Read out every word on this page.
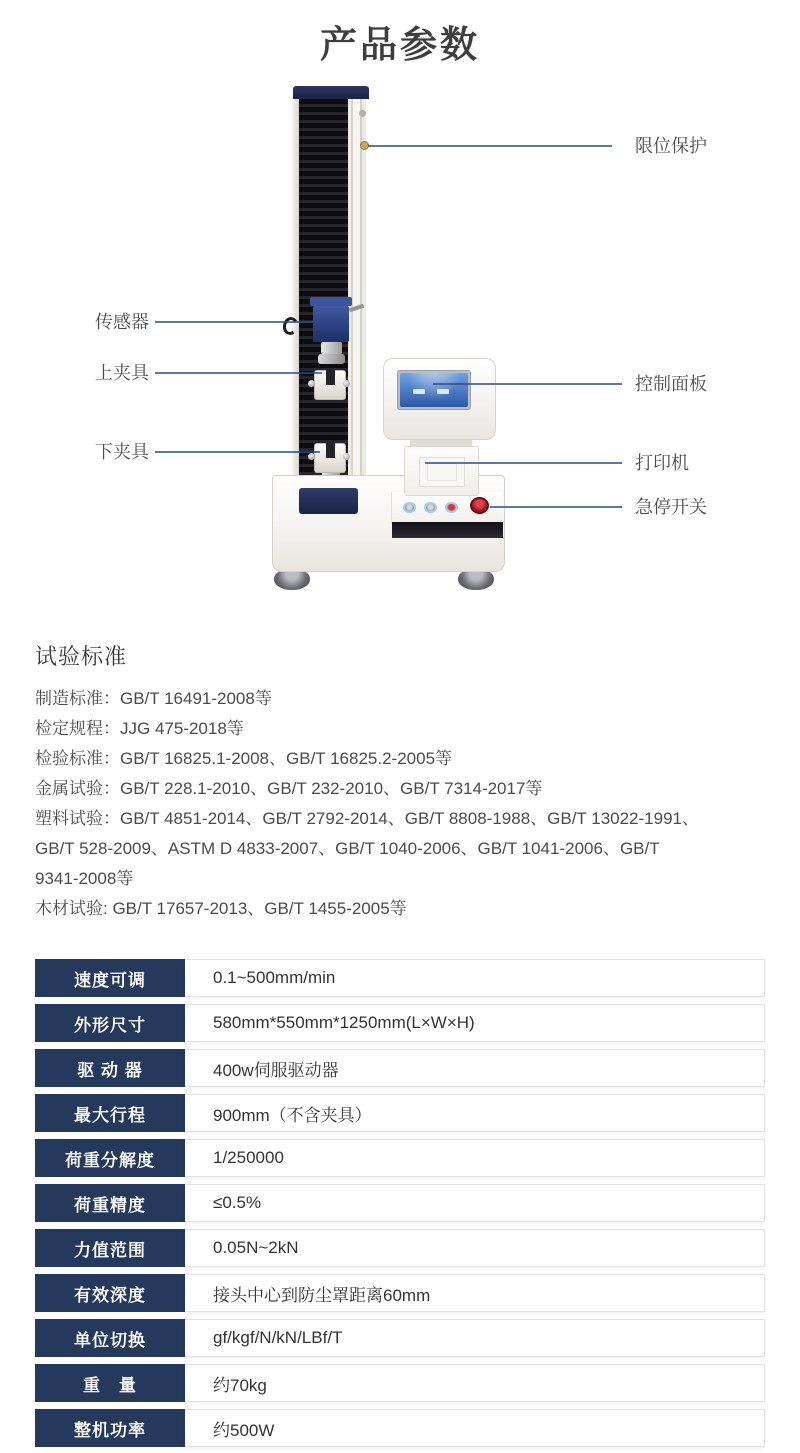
产品参数
限位保护
传感器
上夹具
下夹具
控制面板
打印机
急停开关
试验标准
制造标准：GB/T 16491-2008等
检定规程：JJG 475-2018等
检验标准：GB/T 16825.1-2008、GB/T 16825.2-2005等
金属试验：GB/T 228.1-2010、GB/T 232-2010、GB/T 7314-2017等
塑料试验：GB/T 4851-2014、GB/T 2792-2014、GB/T 8808-1988、GB/T 13022-1991、
GB/T 528-2009、ASTM D 4833-2007、GB/T 1040-2006、GB/T 1041-2006、GB/T
9341-2008等
木材试验: GB/T 17657-2013、GB/T 1455-2005等
速度可调	0.1~500mm/min
外形尺寸	580mm*550mm*1250mm(L×W×H)
驱 动 器	400w伺服驱动器
最大行程	900mm（不含夹具）
荷重分解度	1/250000
荷重精度	≤0.5%
力值范围	0.05N~2kN
有效深度	接头中心到防尘罩距离60mm
单位切换	gf/kgf/N/kN/LBf/T
重　量	约70kg
整机功率	约500W
